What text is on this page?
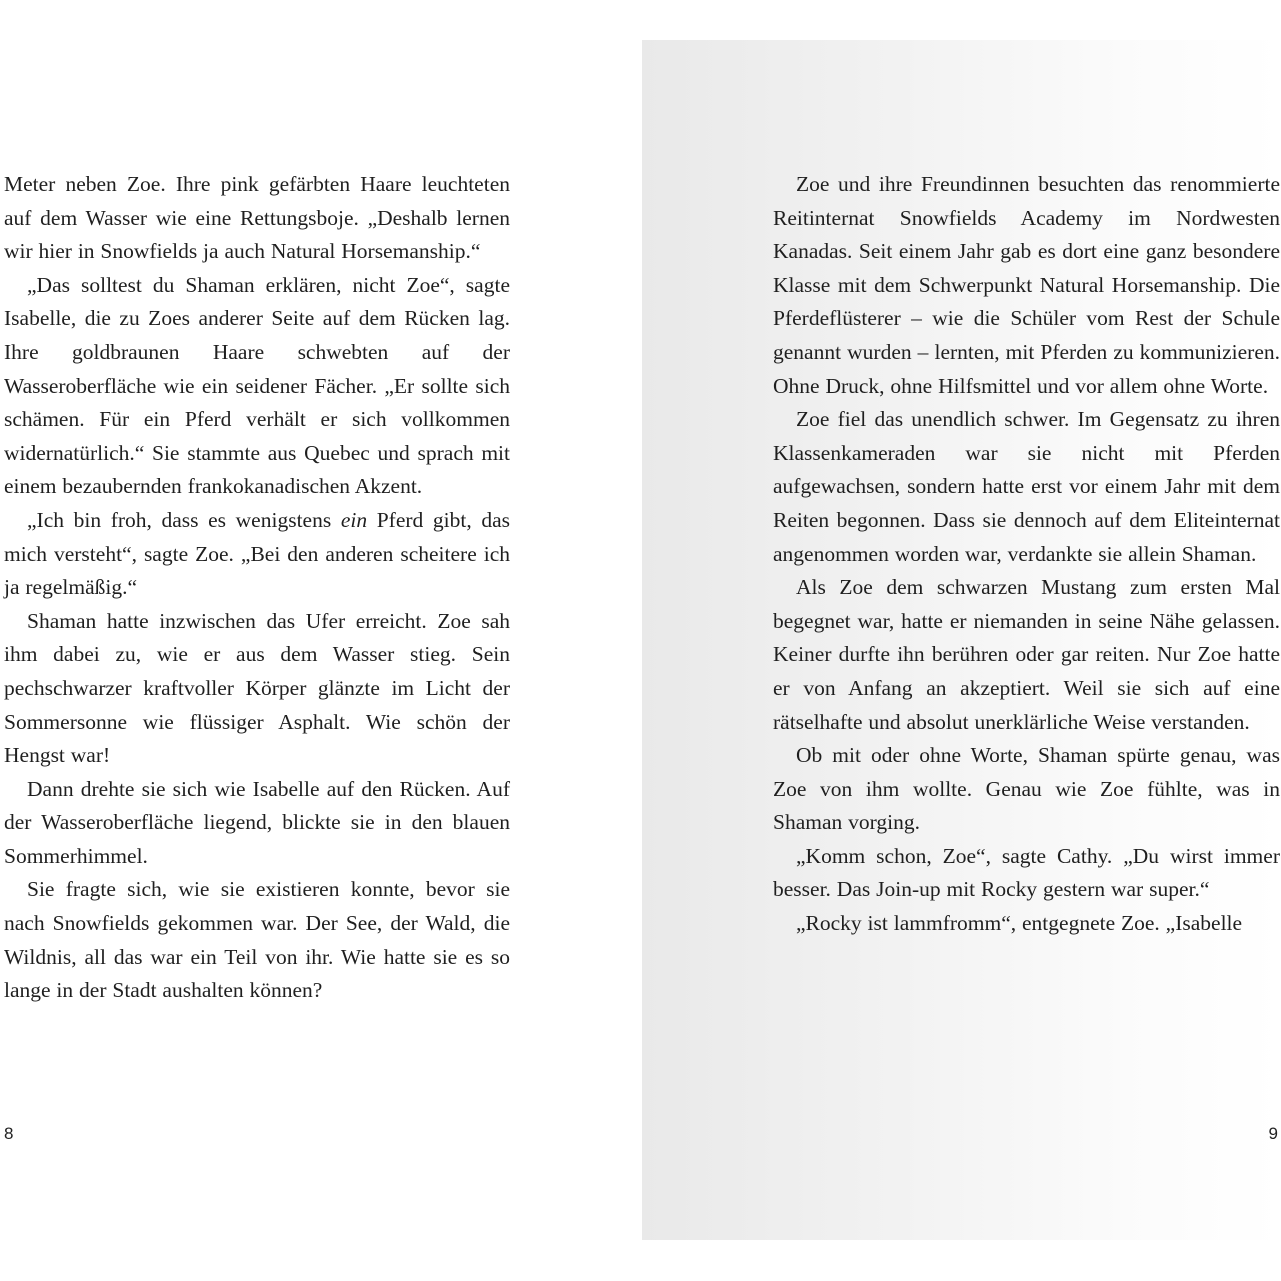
Meter neben Zoe. Ihre pink gefärbten Haare leuchteten auf dem Wasser wie eine Rettungsboje. „Deshalb lernen wir hier in Snowfields ja auch Natural Horsemanship.“

„Das solltest du Shaman erklären, nicht Zoe“, sagte Isabelle, die zu Zoes anderer Seite auf dem Rücken lag. Ihre goldbraunen Haare schwebten auf der Wasseroberfläche wie ein seidener Fächer. „Er sollte sich schämen. Für ein Pferd verhält er sich vollkommen widernatürlich.“ Sie stammte aus Quebec und sprach mit einem bezaubernden frankokanadischen Akzent.

„Ich bin froh, dass es wenigstens ein Pferd gibt, das mich versteht“, sagte Zoe. „Bei den anderen scheitere ich ja regelmäßig.“

Shaman hatte inzwischen das Ufer erreicht. Zoe sah ihm dabei zu, wie er aus dem Wasser stieg. Sein pechschwarzer kraftvoller Körper glänzte im Licht der Sommersonne wie flüssiger Asphalt. Wie schön der Hengst war!

Dann drehte sie sich wie Isabelle auf den Rücken. Auf der Wasseroberfläche liegend, blickte sie in den blauen Sommerhimmel.

Sie fragte sich, wie sie existieren konnte, bevor sie nach Snowfields gekommen war. Der See, der Wald, die Wildnis, all das war ein Teil von ihr. Wie hatte sie es so lange in der Stadt aushalten können?

8

Zoe und ihre Freundinnen besuchten das renommierte Reitinternat Snowfields Academy im Nordwesten Kanadas. Seit einem Jahr gab es dort eine ganz besondere Klasse mit dem Schwerpunkt Natural Horsemanship. Die Pferdeflüsterer – wie die Schüler vom Rest der Schule genannt wurden – lernten, mit Pferden zu kommunizieren. Ohne Druck, ohne Hilfsmittel und vor allem ohne Worte.

Zoe fiel das unendlich schwer. Im Gegensatz zu ihren Klassenkameraden war sie nicht mit Pferden aufgewachsen, sondern hatte erst vor einem Jahr mit dem Reiten begonnen. Dass sie dennoch auf dem Eliteinternat angenommen worden war, verdankte sie allein Shaman.

Als Zoe dem schwarzen Mustang zum ersten Mal begegnet war, hatte er niemanden in seine Nähe gelassen. Keiner durfte ihn berühren oder gar reiten. Nur Zoe hatte er von Anfang an akzeptiert. Weil sie sich auf eine rätselhafte und absolut unerklärliche Weise verstanden.

Ob mit oder ohne Worte, Shaman spürte genau, was Zoe von ihm wollte. Genau wie Zoe fühlte, was in Shaman vorging.

„Komm schon, Zoe“, sagte Cathy. „Du wirst immer besser. Das Join-up mit Rocky gestern war super.“

„Rocky ist lammfromm“, entgegnete Zoe. „Isabelle

9
